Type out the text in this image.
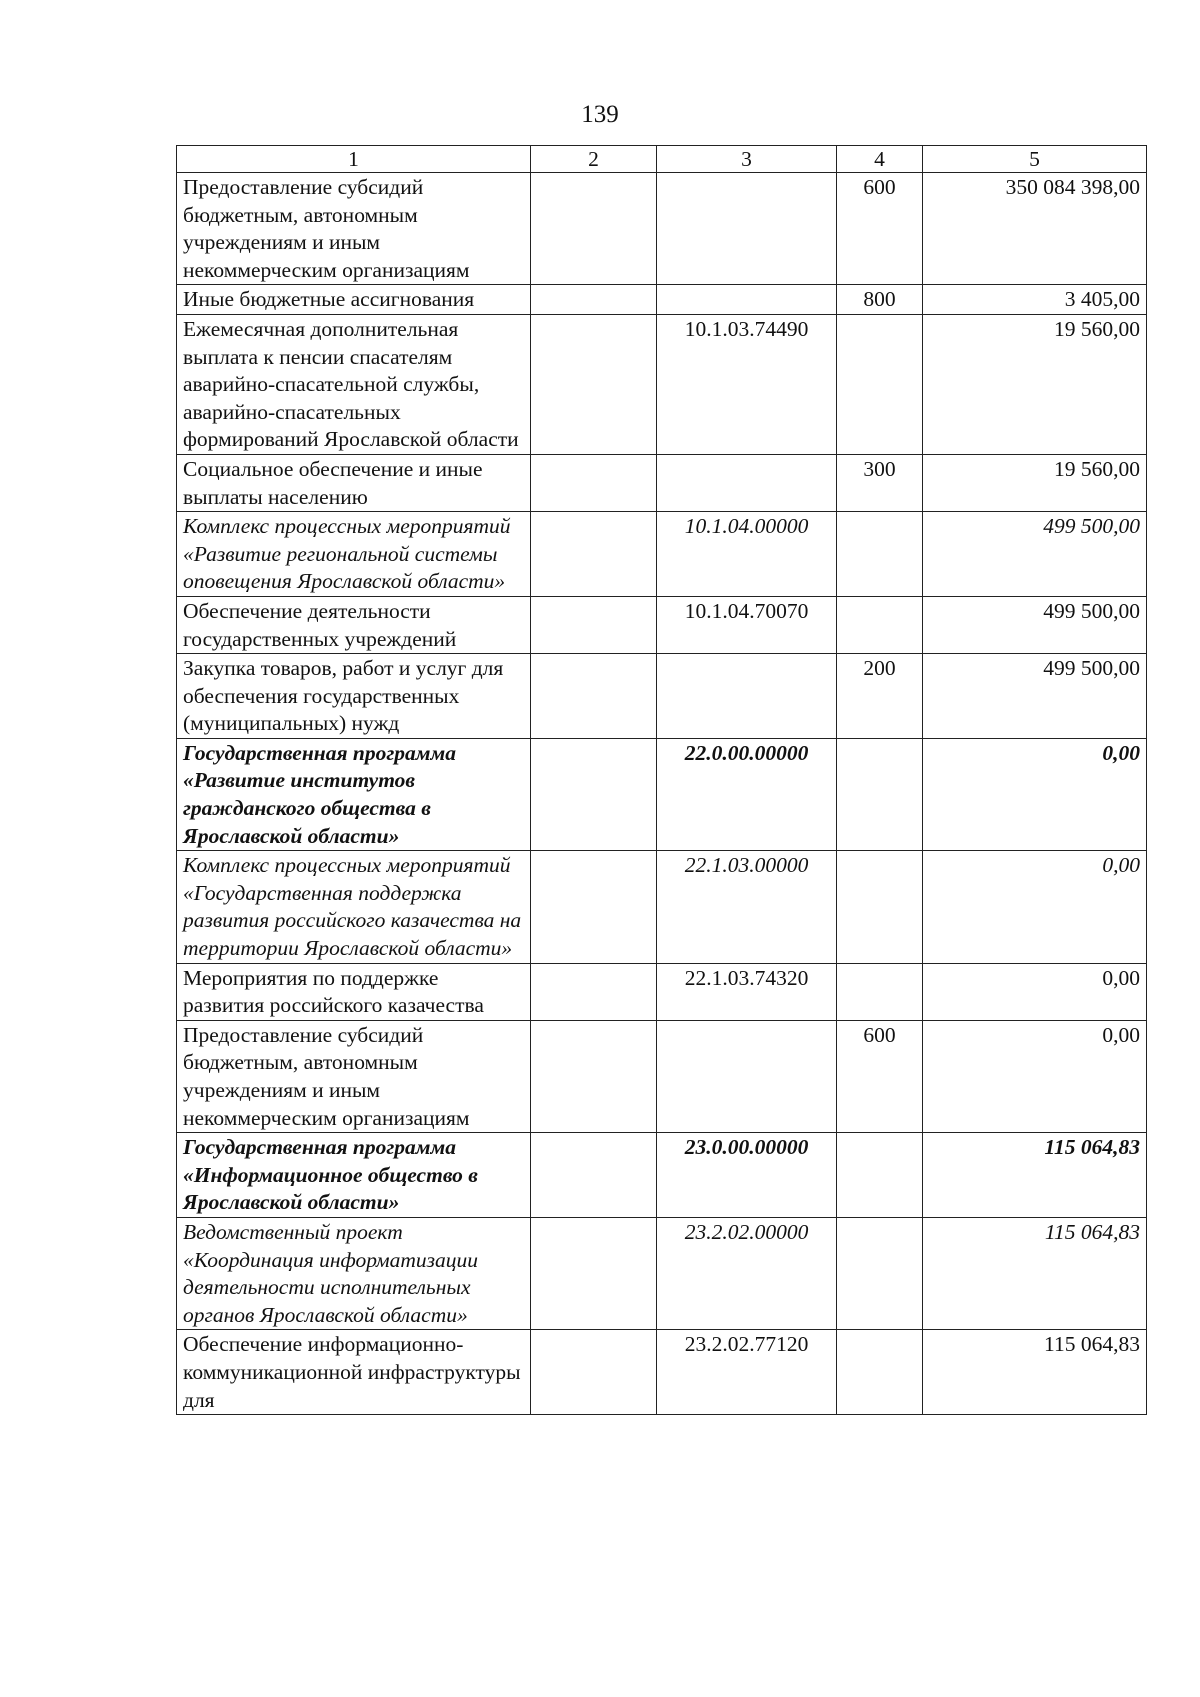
139
1	2	3	4	5
Предоставление субсидий бюджетным, автономным учреждениям и иным некоммерческим организациям			600	350 084 398,00
Иные бюджетные ассигнования			800	3 405,00
Ежемесячная дополнительная выплата к пенсии спасателям аварийно-спасательной службы, аварийно-спасательных формирований Ярославской области		10.1.03.74490		19 560,00
Социальное обеспечение и иные выплаты населению			300	19 560,00
Комплекс процессных мероприятий «Развитие региональной системы оповещения Ярославской области»		10.1.04.00000		499 500,00
Обеспечение деятельности государственных учреждений		10.1.04.70070		499 500,00
Закупка товаров, работ и услуг для обеспечения государственных (муниципальных) нужд			200	499 500,00
Государственная программа «Развитие институтов гражданского общества в Ярославской области»		22.0.00.00000		0,00
Комплекс процессных мероприятий «Государственная поддержка развития российского казачества на территории Ярославской области»		22.1.03.00000		0,00
Мероприятия по поддержке развития российского казачества		22.1.03.74320		0,00
Предоставление субсидий бюджетным, автономным учреждениям и иным некоммерческим организациям			600	0,00
Государственная программа «Информационное общество в Ярославской области»		23.0.00.00000		115 064,83
Ведомственный проект «Координация информатизации деятельности исполнительных органов Ярославской области»		23.2.02.00000		115 064,83
Обеспечение информационно-коммуникационной инфраструктуры для		23.2.02.77120		115 064,83
